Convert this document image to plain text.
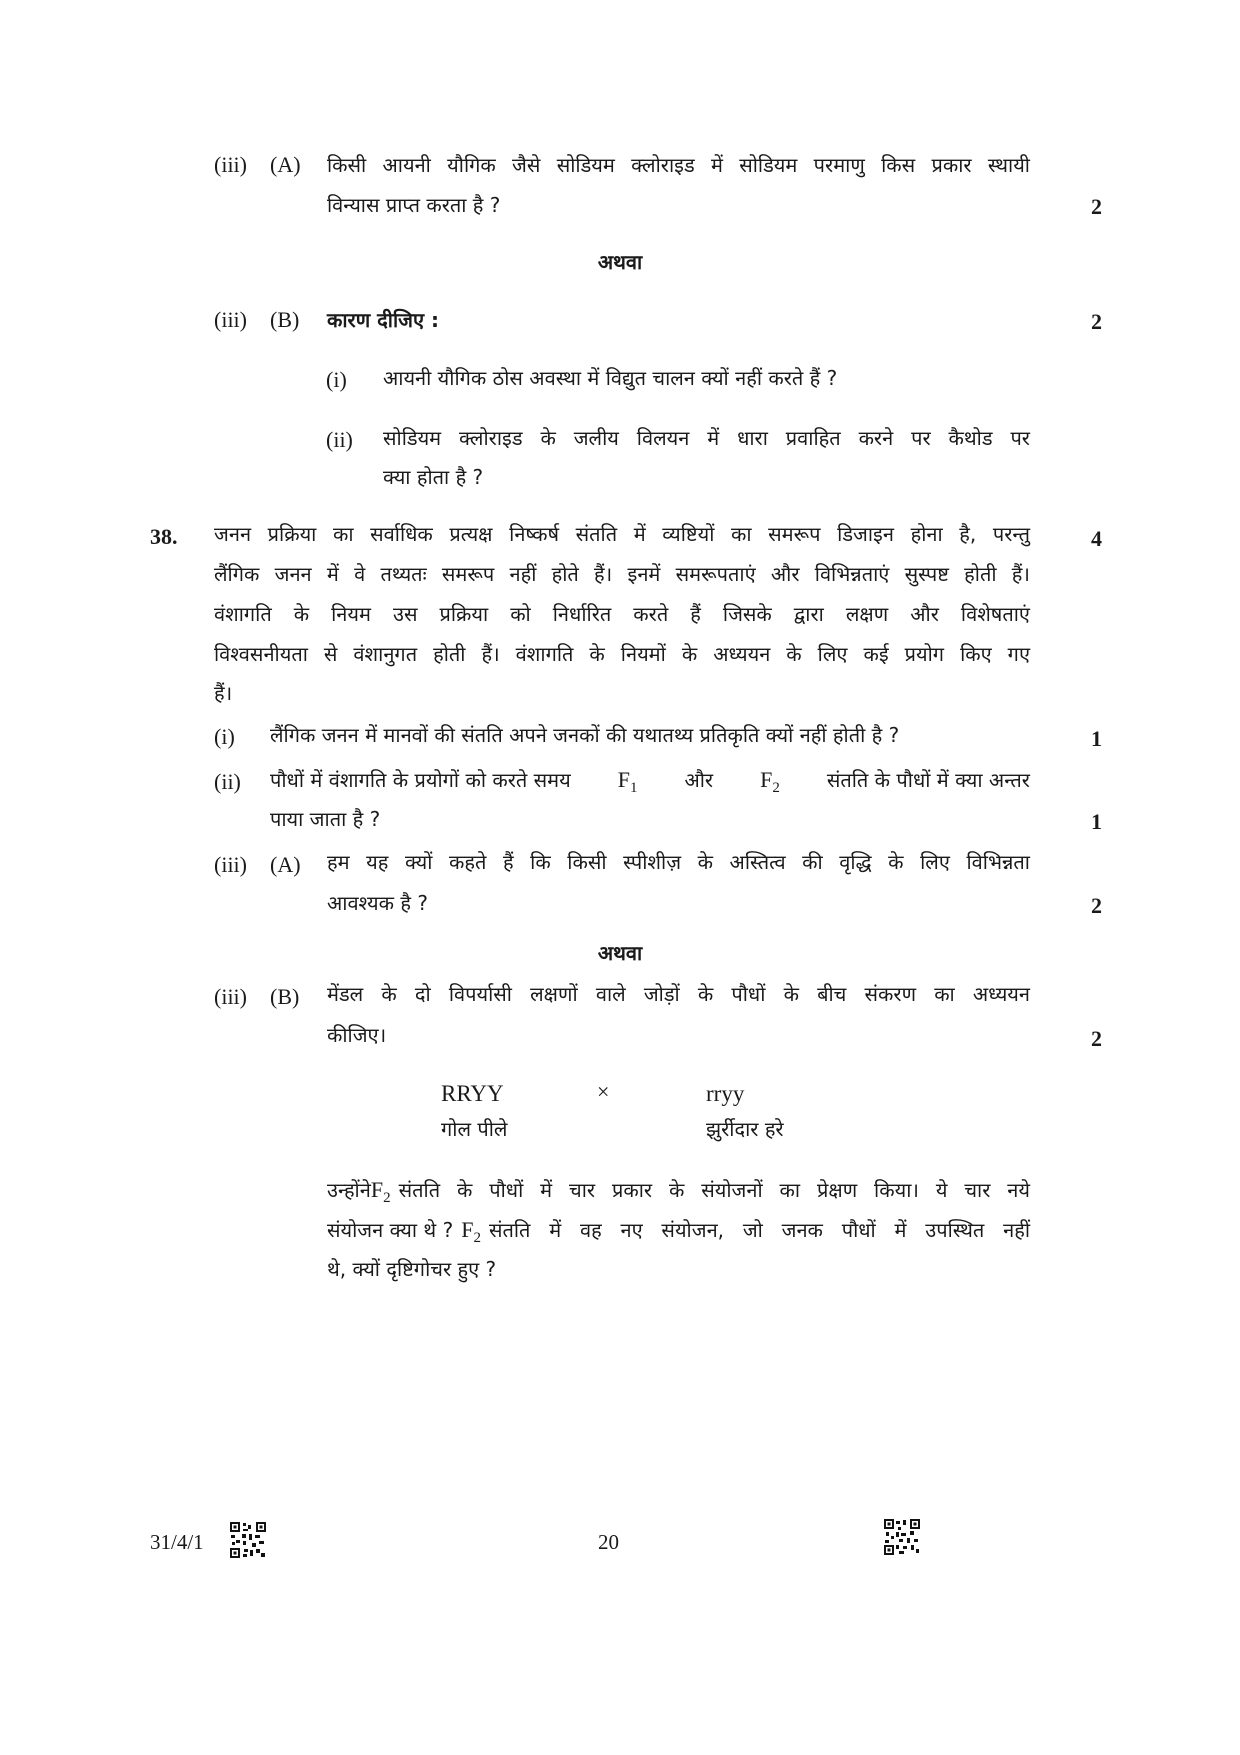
(iii) (A) किसी आयनी यौगिक जैसे सोडियम क्लोराइड में सोडियम परमाणु किस प्रकार स्थायी
विन्यास प्राप्त करता है ?	2
अथवा
(iii) (B) कारण दीजिए :	2
(i) आयनी यौगिक ठोस अवस्था में विद्युत चालन क्यों नहीं करते हैं ?
(ii) सोडियम क्लोराइड के जलीय विलयन में धारा प्रवाहित करने पर कैथोड पर
क्या होता है ?
38.	4
जनन प्रक्रिया का सर्वाधिक प्रत्यक्ष निष्कर्ष संतति में व्यष्टियों का समरूप डिजाइन होना है, परन्तु
लैंगिक जनन में वे तथ्यतः समरूप नहीं होते हैं। इनमें समरूपताएं और विभिन्नताएं सुस्पष्ट होती हैं।
वंशागति के नियम उस प्रक्रिया को निर्धारित करते हैं जिसके द्वारा लक्षण और विशेषताएं
विश्वसनीयता से वंशानुगत होती हैं। वंशागति के नियमों के अध्ययन के लिए कई प्रयोग किए गए
हैं।
(i) लैंगिक जनन में मानवों की संतति अपने जनकों की यथातथ्य प्रतिकृति क्यों नहीं होती है ?	1
(ii) पौधों में वंशागति के प्रयोगों को करते समय $F_1$ और $F_2$ संतति के पौधों में क्या अन्तर
पाया जाता है ?	1
(iii) (A) हम यह क्यों कहते हैं कि किसी स्पीशीज़ के अस्तित्व की वृद्धि के लिए विभिन्नता
आवश्यक है ?	2
अथवा
(iii) (B) मेंडल के दो विपर्यासी लक्षणों वाले जोड़ों के पौधों के बीच संकरण का अध्ययन
कीजिए।	2
RRYY	×	rryy
गोल पीले	झुर्रीदार हरे
उन्होंने $F_2$ संतति के पौधों में चार प्रकार के संयोजनों का प्रेक्षण किया। ये चार नये
संयोजन क्या थे ? $F_2$ संतति में वह नए संयोजन, जो जनक पौधों में उपस्थित नहीं
थे, क्यों दृष्टिगोचर हुए ?
31/4/1	20
